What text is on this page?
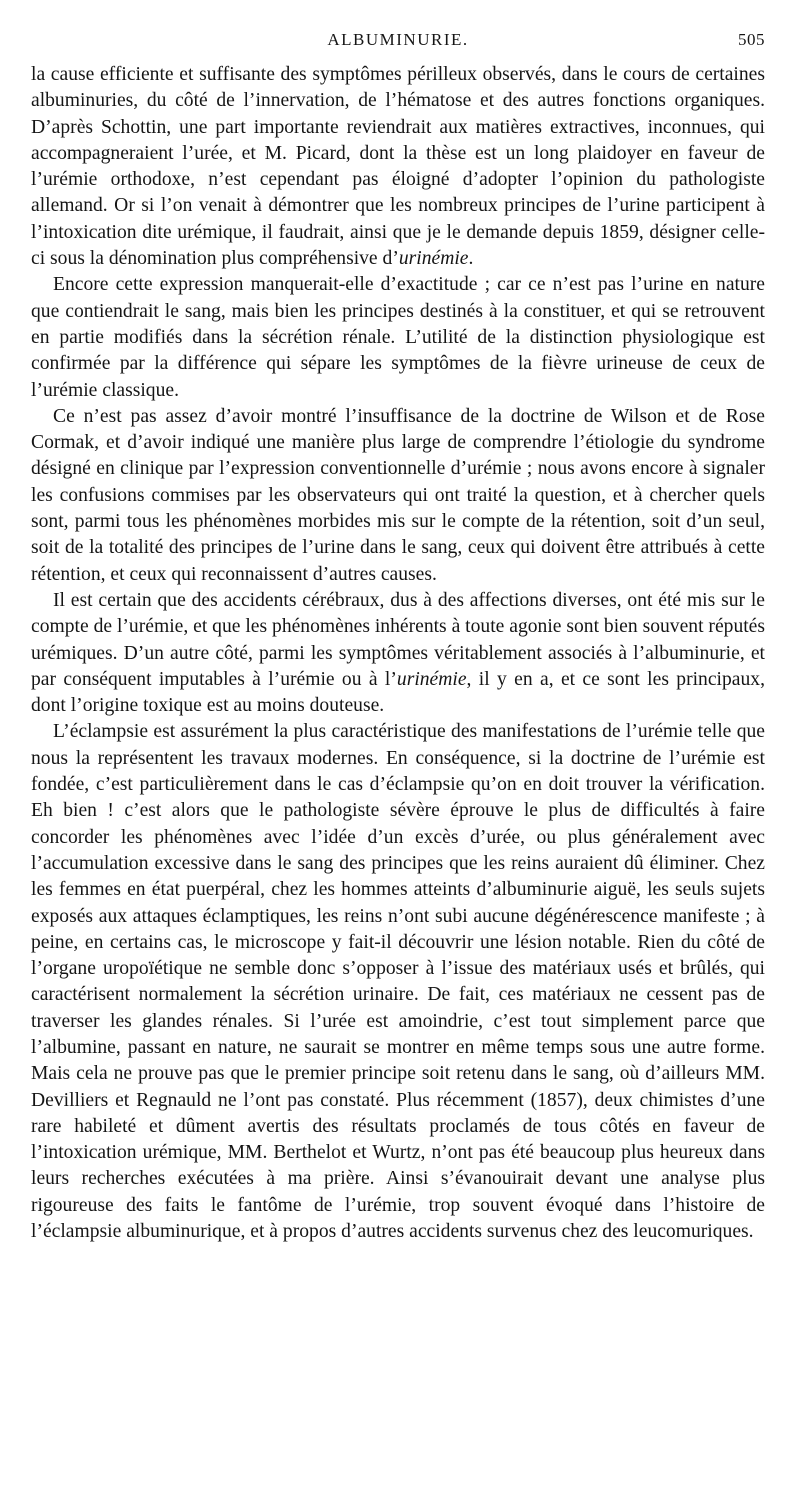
ALBUMINURIE.	505

la cause efficiente et suffisante des symptômes périlleux observés, dans le cours de certaines albuminuries, du côté de l’innervation, de l’hématose et des autres fonctions organiques. D’après Schottin, une part importante reviendrait aux matières extractives, inconnues, qui accompagneraient l’urée, et M. Picard, dont la thèse est un long plaidoyer en faveur de l’urémie orthodoxe, n’est cependant pas éloigné d’adopter l’opinion du pathologiste allemand. Or si l’on venait à démontrer que les nombreux principes de l’urine participent à l’intoxication dite urémique, il faudrait, ainsi que je le demande depuis 1859, désigner celle-ci sous la dénomination plus compréhensive d’urinémie.

Encore cette expression manquerait-elle d’exactitude ; car ce n’est pas l’urine en nature que contiendrait le sang, mais bien les principes destinés à la constituer, et qui se retrouvent en partie modifiés dans la sécrétion rénale. L’utilité de la distinction physiologique est confirmée par la différence qui sépare les symptômes de la fièvre urineuse de ceux de l’urémie classique.

Ce n’est pas assez d’avoir montré l’insuffisance de la doctrine de Wilson et de Rose Cormak, et d’avoir indiqué une manière plus large de comprendre l’étiologie du syndrome désigné en clinique par l’expression conventionnelle d’urémie ; nous avons encore à signaler les confusions commises par les observateurs qui ont traité la question, et à chercher quels sont, parmi tous les phénomènes morbides mis sur le compte de la rétention, soit d’un seul, soit de la totalité des principes de l’urine dans le sang, ceux qui doivent être attribués à cette rétention, et ceux qui reconnaissent d’autres causes.

Il est certain que des accidents cérébraux, dus à des affections diverses, ont été mis sur le compte de l’urémie, et que les phénomènes inhérents à toute agonie sont bien souvent réputés urémiques. D’un autre côté, parmi les symptômes véritablement associés à l’albuminurie, et par conséquent imputables à l’urémie ou à l’urinémie, il y en a, et ce sont les principaux, dont l’origine toxique est au moins douteuse.

L’éclampsie est assurément la plus caractéristique des manifestations de l’urémie telle que nous la représentent les travaux modernes. En conséquence, si la doctrine de l’urémie est fondée, c’est particulièrement dans le cas d’éclampsie qu’on en doit trouver la vérification. Eh bien ! c’est alors que le pathologiste sévère éprouve le plus de difficultés à faire concorder les phénomènes avec l’idée d’un excès d’urée, ou plus généralement avec l’accumulation excessive dans le sang des principes que les reins auraient dû éliminer. Chez les femmes en état puerpéral, chez les hommes atteints d’albuminurie aiguë, les seuls sujets exposés aux attaques éclamptiques, les reins n’ont subi aucune dégénérescence manifeste ; à peine, en certains cas, le microscope y fait-il découvrir une lésion notable. Rien du côté de l’organe uropoïétique ne semble donc s’opposer à l’issue des matériaux usés et brûlés, qui caractérisent normalement la sécrétion urinaire. De fait, ces matériaux ne cessent pas de traverser les glandes rénales. Si l’urée est amoindrie, c’est tout simplement parce que l’albumine, passant en nature, ne saurait se montrer en même temps sous une autre forme. Mais cela ne prouve pas que le premier principe soit retenu dans le sang, où d’ailleurs MM. Devilliers et Regnauld ne l’ont pas constaté. Plus récemment (1857), deux chimistes d’une rare habileté et dûment avertis des résultats proclamés de tous côtés en faveur de l’intoxication urémique, MM. Berthelot et Wurtz, n’ont pas été beaucoup plus heureux dans leurs recherches exécutées à ma prière. Ainsi s’évanouirait devant une analyse plus rigoureuse des faits le fantôme de l’urémie, trop souvent évoqué dans l’histoire de l’éclampsie albuminurique, et à propos d’autres accidents survenus chez des leucomuriques.
